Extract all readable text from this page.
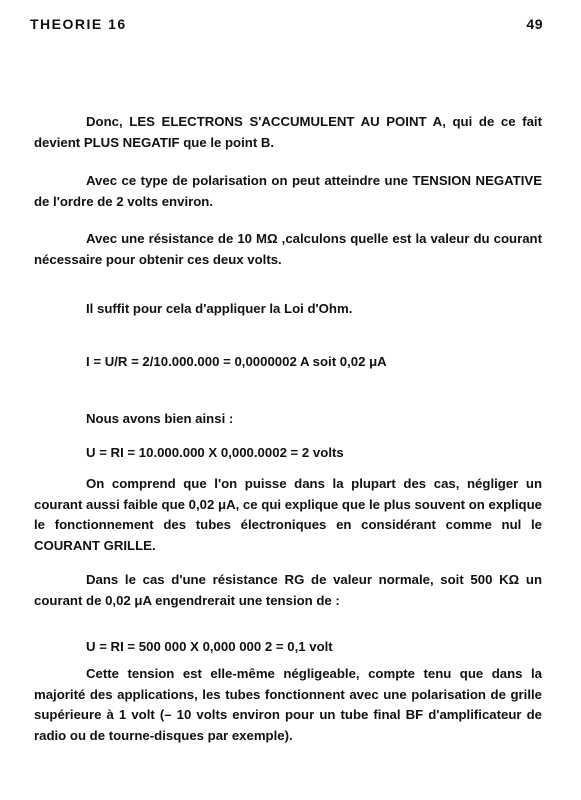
THEORIE 16	49

Donc, LES ELECTRONS S'ACCUMULENT AU POINT A, qui de ce fait devient PLUS NEGATIF que le point B.

Avec ce type de polarisation on peut atteindre une TENSION NEGATIVE de l'ordre de 2 volts environ.

Avec une résistance de 10 MΩ ,calculons quelle est la valeur du courant nécessaire pour obtenir ces deux volts.

Il suffit pour cela d'appliquer la Loi d'Ohm.

I = U/R = 2/10.000.000 = 0,0000002 A soit 0,02 μA

Nous avons bien ainsi :

U = RI = 10.000.000 X 0,000.0002 = 2 volts

On comprend que l'on puisse dans la plupart des cas, négliger un courant aussi faible que 0,02 μA, ce qui explique que le plus souvent on explique le fonctionnement des tubes électroniques en considérant comme nul le COURANT GRILLE.

Dans le cas d'une résistance RG de valeur normale, soit 500 KΩ un courant de 0,02 μA engendrerait une tension de :

U = RI = 500 000 X 0,000 000 2 = 0,1 volt

Cette tension est elle-même négligeable, compte tenu que dans la majorité des applications, les tubes fonctionnent avec une polarisation de grille supérieure à 1 volt (– 10 volts environ pour un tube final BF d'amplificateur de radio ou de tourne-disques par exemple).
